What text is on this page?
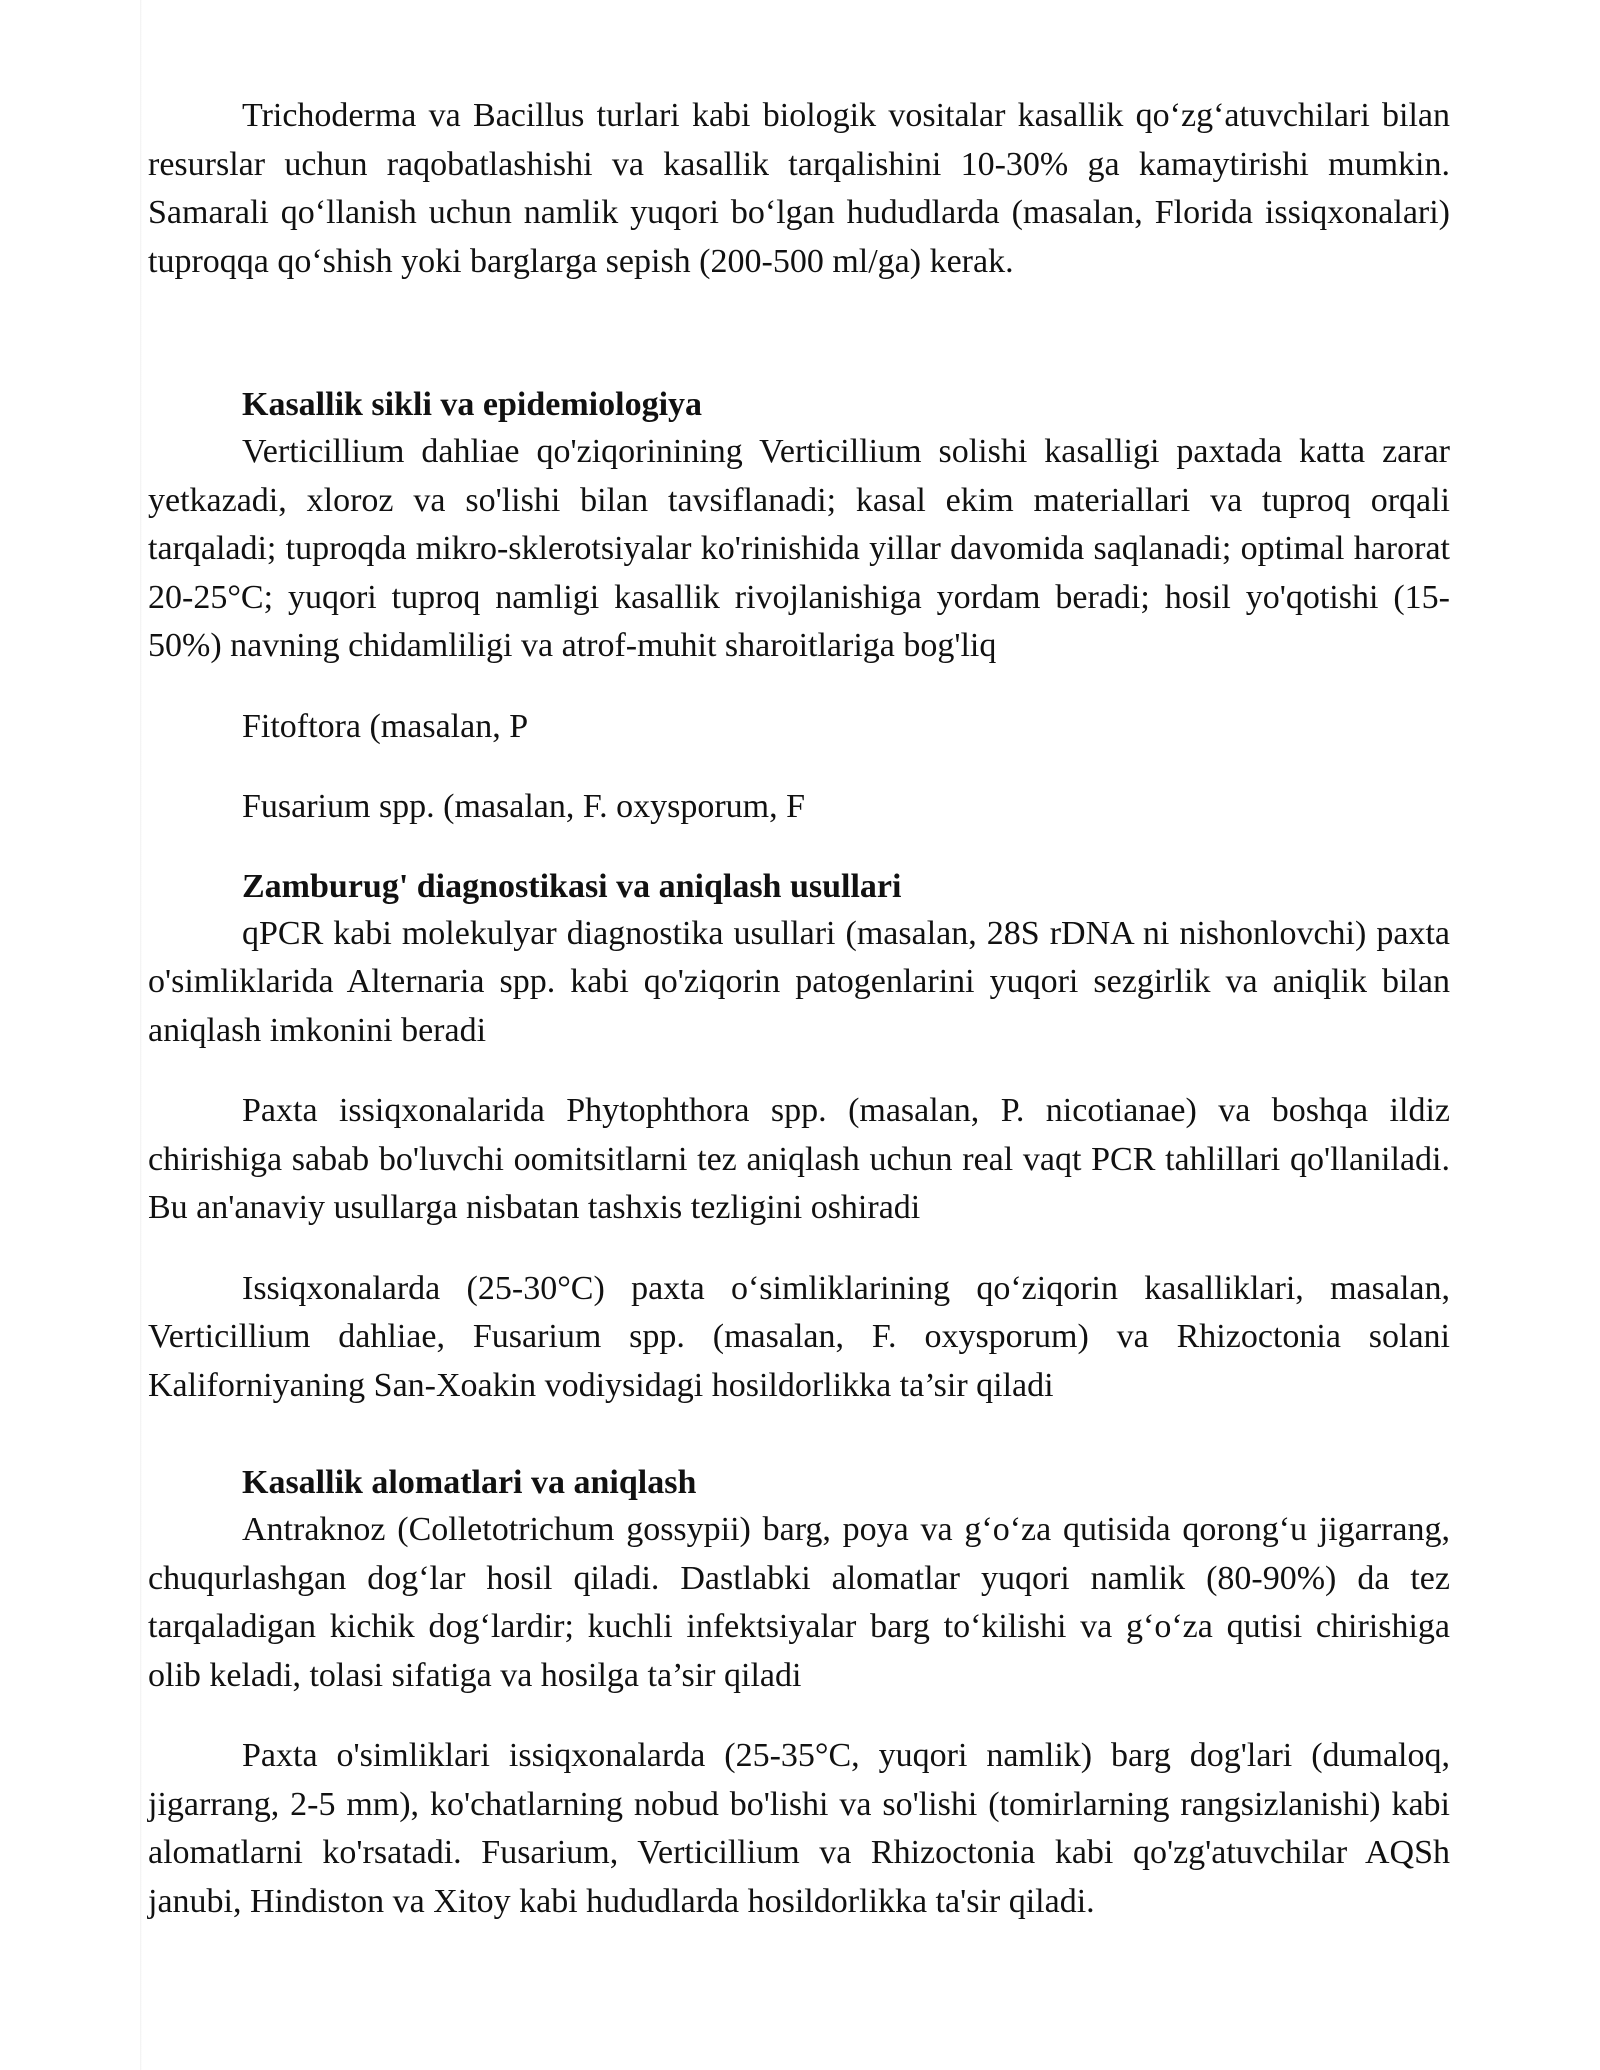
Trichoderma va Bacillus turlari kabi biologik vositalar kasallik qo‘zg‘atuvchilari bilan resurslar uchun raqobatlashishi va kasallik tarqalishini 10-30% ga kamaytirishi mumkin. Samarali qo‘llanish uchun namlik yuqori bo‘lgan hududlarda (masalan, Florida issiqxonalari) tuproqqa qo‘shish yoki barglarga sepish (200-500 ml/ga) kerak.

Kasallik sikli va epidemiologiya

Verticillium dahliae qo'ziqorinining Verticillium solishi kasalligi paxtada katta zarar yetkazadi, xloroz va so'lishi bilan tavsiflanadi; kasal ekim materiallari va tuproq orqali tarqaladi; tuproqda mikro-sklerotsiyalar ko'rinishida yillar davomida saqlanadi; optimal harorat 20-25°C; yuqori tuproq namligi kasallik rivojlanishiga yordam beradi; hosil yo'qotishi (15-50%) navning chidamliligi va atrof-muhit sharoitlariga bog'liq

Fitoftora (masalan, P

Fusarium spp. (masalan, F. oxysporum, F

Zamburug' diagnostikasi va aniqlash usullari

qPCR kabi molekulyar diagnostika usullari (masalan, 28S rDNA ni nishonlovchi) paxta o'simliklarida Alternaria spp. kabi qo'ziqorin patogenlarini yuqori sezgirlik va aniqlik bilan aniqlash imkonini beradi

Paxta issiqxonalarida Phytophthora spp. (masalan, P. nicotianae) va boshqa ildiz chirishiga sabab bo'luvchi oomitsitlarni tez aniqlash uchun real vaqt PCR tahlillari qo'llaniladi. Bu an'anaviy usullarga nisbatan tashxis tezligini oshiradi

Issiqxonalarda (25-30°C) paxta o‘simliklarining qo‘ziqorin kasalliklari, masalan, Verticillium dahliae, Fusarium spp. (masalan, F. oxysporum) va Rhizoctonia solani Kaliforniyaning San-Xoakin vodiysidagi hosildorlikka ta’sir qiladi

Kasallik alomatlari va aniqlash

Antraknoz (Colletotrichum gossypii) barg, poya va g‘o‘za qutisida qorong‘u jigarrang, chuqurlashgan dog‘lar hosil qiladi. Dastlabki alomatlar yuqori namlik (80-90%) da tez tarqaladigan kichik dog‘lardir; kuchli infektsiyalar barg to‘kilishi va g‘o‘za qutisi chirishiga olib keladi, tolasi sifatiga va hosilga ta’sir qiladi

Paxta o'simliklari issiqxonalarda (25-35°C, yuqori namlik) barg dog'lari (dumaloq, jigarrang, 2-5 mm), ko'chatlarning nobud bo'lishi va so'lishi (tomirlarning rangsizlanishi) kabi alomatlarni ko'rsatadi. Fusarium, Verticillium va Rhizoctonia kabi qo'zg'atuvchilar AQSh janubi, Hindiston va Xitoy kabi hududlarda hosildorlikka ta'sir qiladi.
